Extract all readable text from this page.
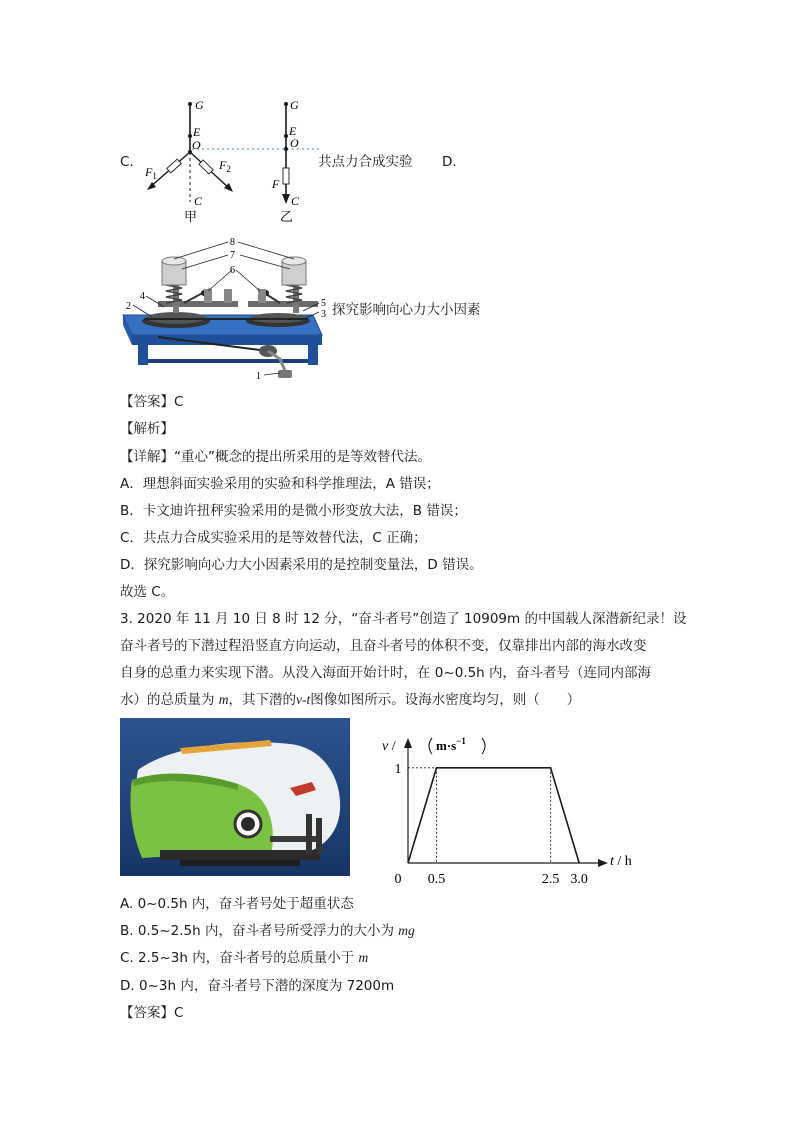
C.	D.
G
E
O
$F_1$
$F_2$
C
甲
G
E
O
F
C
乙
共点力合成实验
8
7
6
4
2	5
3
1
探究影响向心力大小因素
【答案】C
【解析】
【详解】“重心”概念的提出所采用的是等效替代法。
A．理想斜面实验采用的实验和科学推理法，A 错误；
B．卡文迪许扭秤实验采用的是微小形变放大法，B 错误；
C．共点力合成实验采用的是等效替代法，C 正确；
D．探究影响向心力大小因素采用的是控制变量法，D 错误。
故选 C。
3. 2020 年 11 月 10 日 8 时 12 分，“奋斗者号”创造了 10909m 的中国载人深潜新纪录！设
奋斗者号的下潜过程沿竖直方向运动，且奋斗者号的体积不变，仅靠排出内部的海水改变
自身的总重力来实现下潜。从没入海面开始计时，在 0~0.5h 内，奋斗者号（连同内部海
水）的总质量为 m，其下潜的v-t图像如图所示。设海水密度均匀，则（　　）
0.5	2.5 3.0
0
1
v /	$m\cdot s^{-1}$
t / h
A. 0~0.5h 内，奋斗者号处于超重状态
B. 0.5~2.5h 内，奋斗者号所受浮力的大小为 mg
C. 2.5~3h 内，奋斗者号的总质量小于 m
D. 0~3h 内，奋斗者号下潜的深度为 7200m
【答案】C
